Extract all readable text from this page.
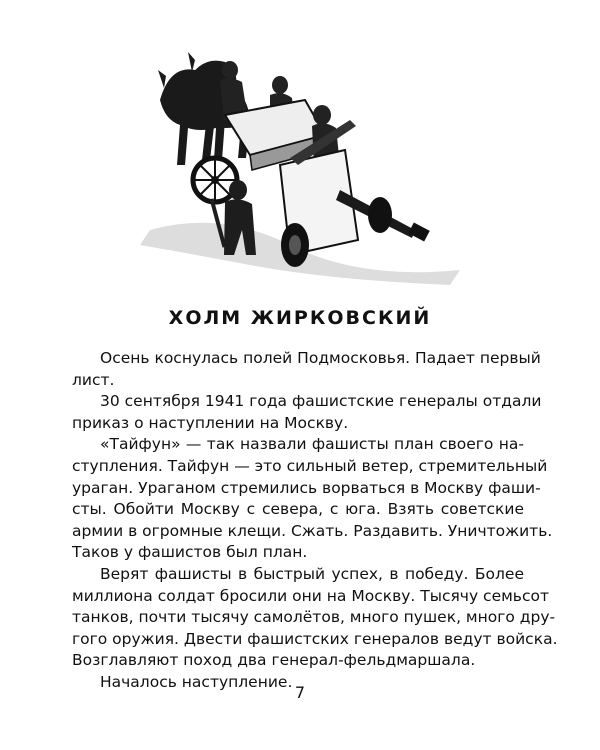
ХОЛМ ЖИРКОВСКИЙ

Осень коснулась полей Подмосковья. Падает первый
лист.

30 сентября 1941 года фашистские генералы отдали
приказ о наступлении на Москву.

«Тайфун» — так назвали фашисты план своего на-
ступления. Тайфун — это сильный ветер, стремительный
ураган. Ураганом стремились ворваться в Москву фаши-
сты. Обойти Москву с севера, с юга. Взять советские
армии в огромные клещи. Сжать. Раздавить. Уничтожить.
Таков у фашистов был план.

Верят фашисты в быстрый успех, в победу. Более
миллиона солдат бросили они на Москву. Тысячу семьсот
танков, почти тысячу самолётов, много пушек, много дру-
гого оружия. Двести фашистских генералов ведут войска.
Возглавляют поход два генерал-фельдмаршала.

Началось наступление.

7
